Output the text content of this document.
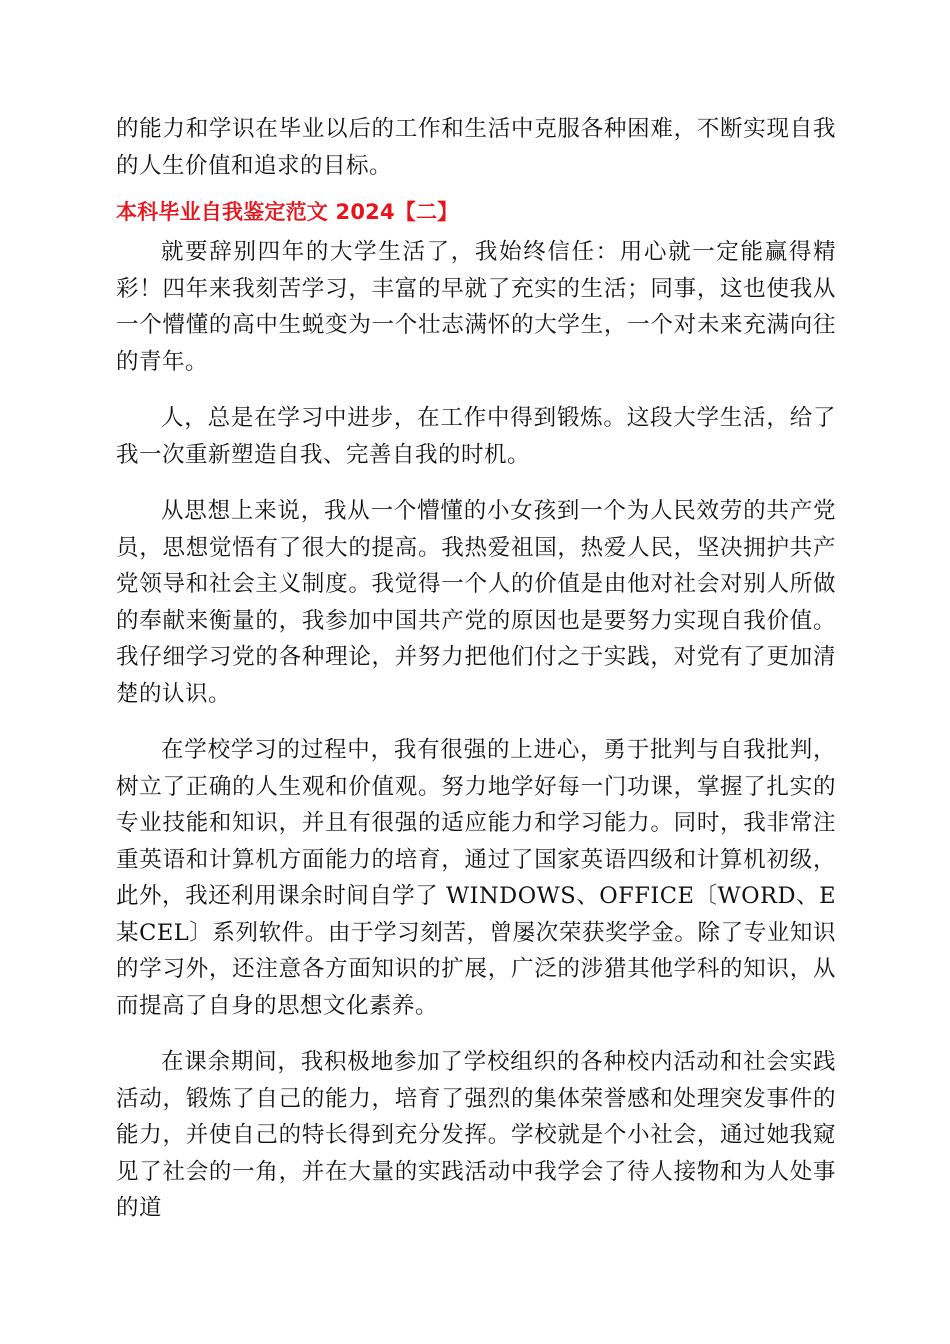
的能力和学识在毕业以后的工作和生活中克服各种困难，不断实现自我的人生价值和追求的目标。

本科毕业自我鉴定范文 2024【二】

就要辞别四年的大学生活了，我始终信任：用心就一定能赢得精彩！四年来我刻苦学习，丰富的早就了充实的生活；同事，这也使我从一个懵懂的高中生蜕变为一个壮志满怀的大学生，一个对未来充满向往的青年。

人，总是在学习中进步，在工作中得到锻炼。这段大学生活，给了我一次重新塑造自我、完善自我的时机。

从思想上来说，我从一个懵懂的小女孩到一个为人民效劳的共产党员，思想觉悟有了很大的提高。我热爱祖国，热爱人民，坚决拥护共产党领导和社会主义制度。我觉得一个人的价值是由他对社会对别人所做的奉献来衡量的，我参加中国共产党的原因也是要努力实现自我价值。我仔细学习党的各种理论，并努力把他们付之于实践，对党有了更加清楚的认识。

在学校学习的过程中，我有很强的上进心，勇于批判与自我批判，树立了正确的人生观和价值观。努力地学好每一门功课，掌握了扎实的专业技能和知识，并且有很强的适应能力和学习能力。同时，我非常注重英语和计算机方面能力的培育，通过了国家英语四级和计算机初级，此外，我还利用课余时间自学了 WINDOWS、OFFICE〔WORD、E某CEL〕系列软件。由于学习刻苦，曾屡次荣获奖学金。除了专业知识的学习外，还注意各方面知识的扩展，广泛的涉猎其他学科的知识，从而提高了自身的思想文化素养。

在课余期间，我积极地参加了学校组织的各种校内活动和社会实践活动，锻炼了自己的能力，培育了强烈的集体荣誉感和处理突发事件的能力，并使自己的特长得到充分发挥。学校就是个小社会，通过她我窥见了社会的一角，并在大量的实践活动中我学会了待人接物和为人处事的道
